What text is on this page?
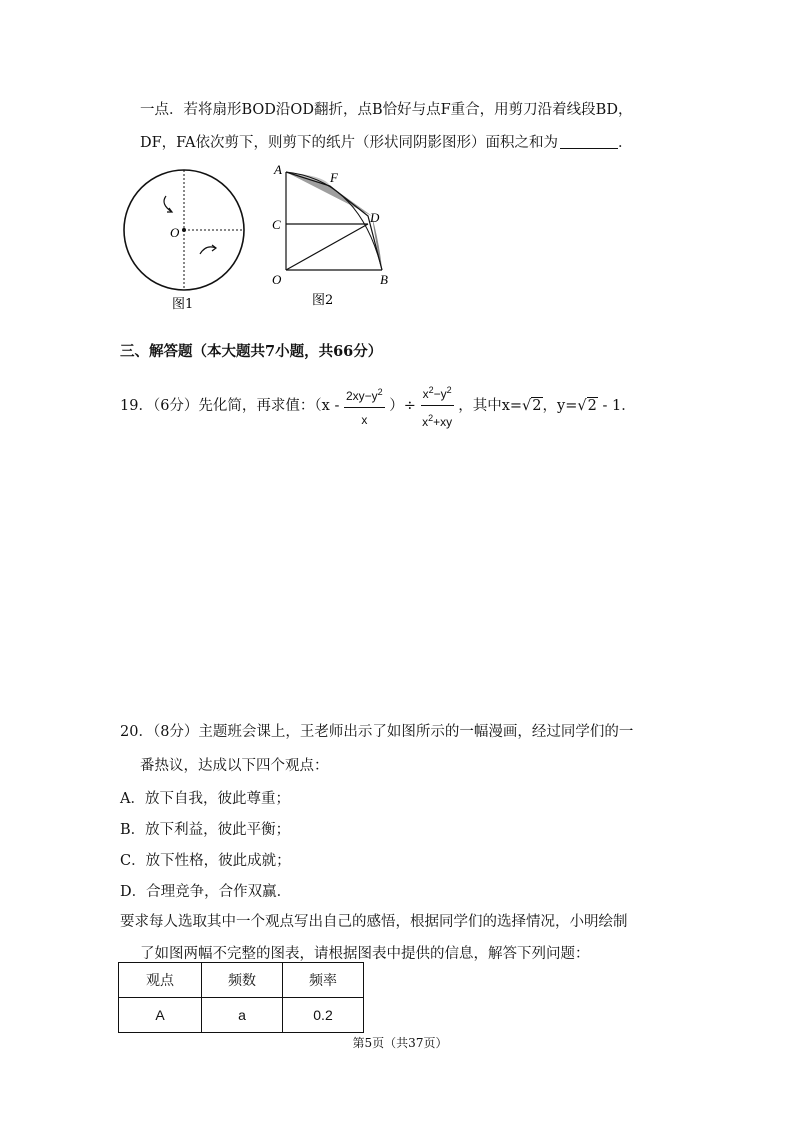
一点．若将扇形BOD沿OD翻折，点B恰好与点F重合，用剪刀沿着线段BD，
DF，FA依次剪下，则剪下的纸片（形状同阴影图形）面积之和为	．
O
图1
A
F
C	D
O	B
图2
三、解答题（本大题共7小题，共66分）
19．（6分）先化简，再求值：（$x - \frac{2xy-y^2}{x}$ ）÷ $\frac{x^2-y^2}{x^2+xy}$ ，其中x=√2，y=√2 - 1．
20．（8分）主题班会课上，王老师出示了如图所示的一幅漫画，经过同学们的一
番热议，达成以下四个观点：
A．放下自我，彼此尊重；
B．放下利益，彼此平衡；
C．放下性格，彼此成就；
D．合理竞争，合作双赢．
要求每人选取其中一个观点写出自己的感悟，根据同学们的选择情况，小明绘制
了如图两幅不完整的图表，请根据图表中提供的信息，解答下列问题：
观点	频数	频率
A	a	0.2
第5页（共37页）
